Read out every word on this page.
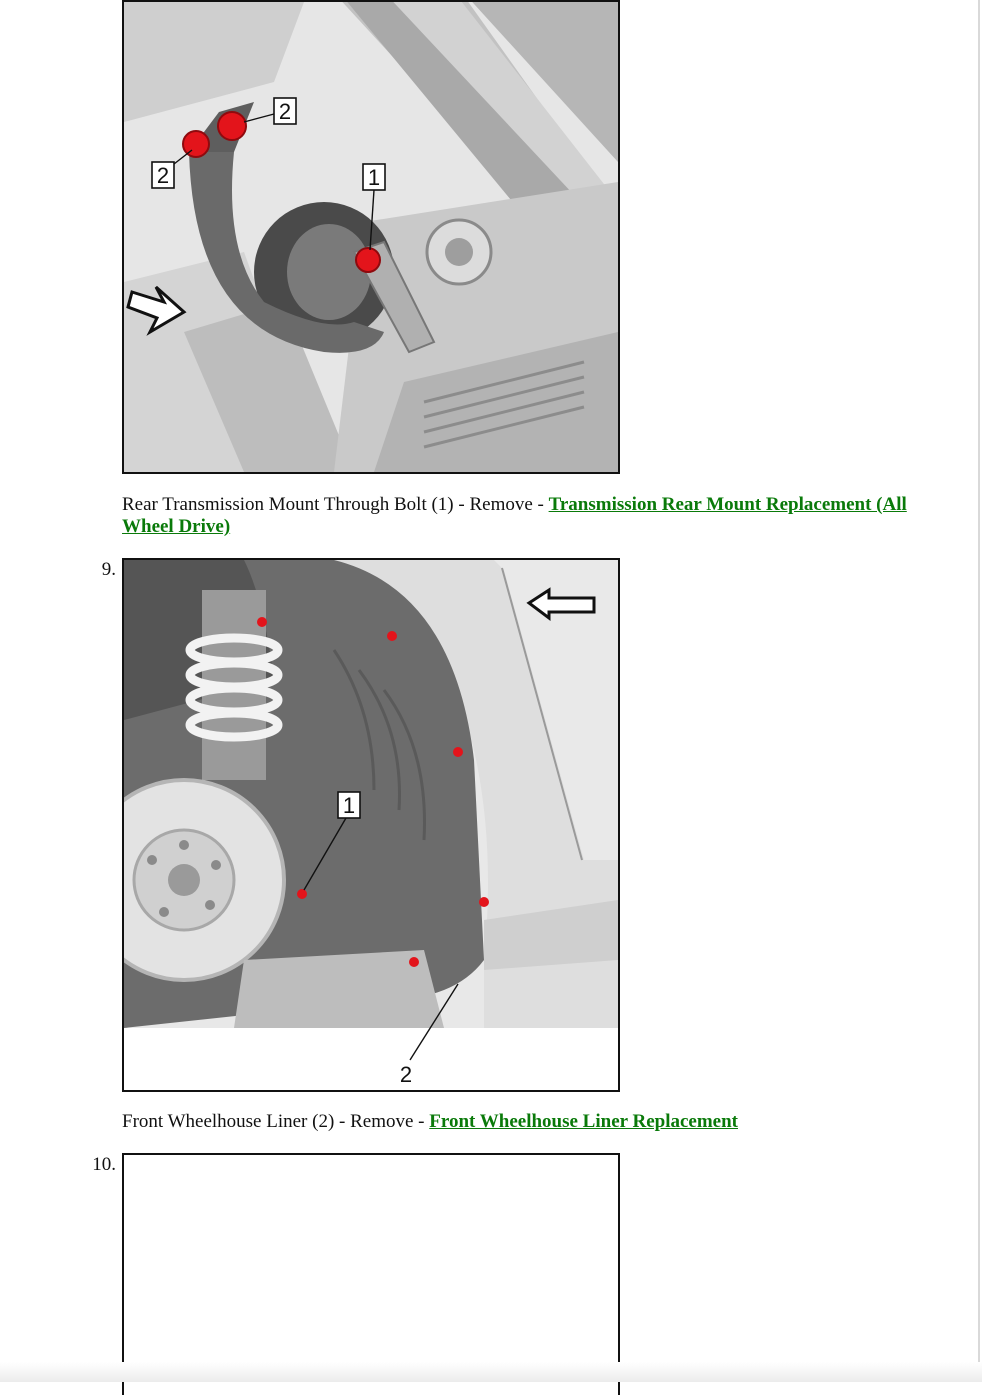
2
2
1
Rear Transmission Mount Through Bolt (1) - Remove - Transmission Rear Mount Replacement (All Wheel Drive)
9.
1
2
Front Wheelhouse Liner (2) - Remove - Front Wheelhouse Liner Replacement
10.
